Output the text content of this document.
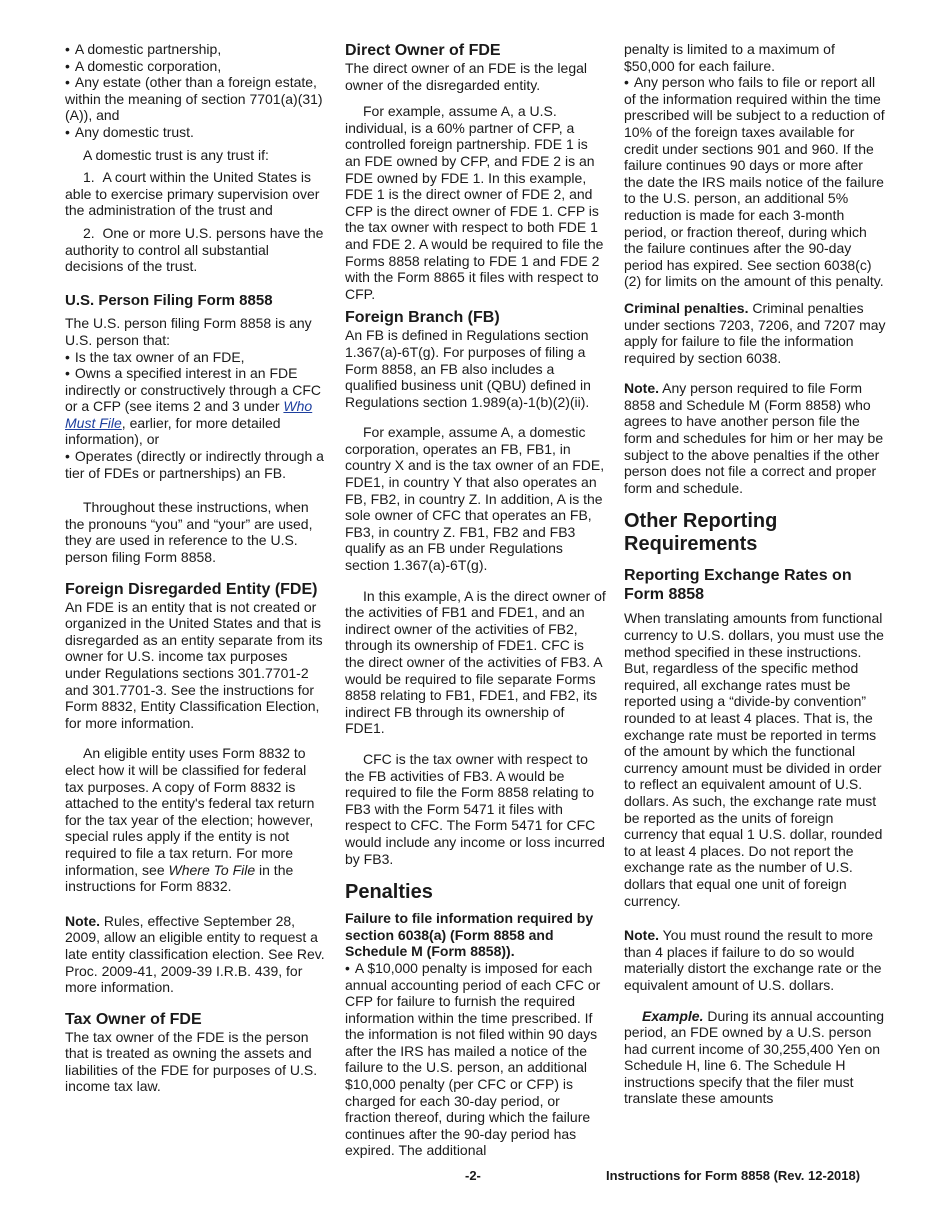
• A domestic partnership,

• A domestic corporation,

• Any estate (other than a foreign estate, within the meaning of section 7701(a)(31)(A)), and

• Any domestic trust.

A domestic trust is any trust if:

1.  A court within the United States is able to exercise primary supervision over the administration of the trust and

2.  One or more U.S. persons have the authority to control all substantial decisions of the trust.

U.S. Person Filing Form 8858

The U.S. person filing Form 8858 is any U.S. person that:

• Is the tax owner of an FDE,

• Owns a specified interest in an FDE indirectly or constructively through a CFC or a CFP (see items 2 and 3 under Who Must File, earlier, for more detailed information), or

• Operates (directly or indirectly through a tier of FDEs or partnerships) an FB.

Throughout these instructions, when the pronouns “you” and “your” are used, they are used in reference to the U.S. person filing Form 8858.

Foreign Disregarded Entity (FDE)

An FDE is an entity that is not created or organized in the United States and that is disregarded as an entity separate from its owner for U.S. income tax purposes under Regulations sections 301.7701-2 and 301.7701-3. See the instructions for Form 8832, Entity Classification Election, for more information.

An eligible entity uses Form 8832 to elect how it will be classified for federal tax purposes. A copy of Form 8832 is attached to the entity's federal tax return for the tax year of the election; however, special rules apply if the entity is not required to file a tax return. For more information, see Where To File in the instructions for Form 8832.

Note. Rules, effective September 28, 2009, allow an eligible entity to request a late entity classification election. See Rev. Proc. 2009-41, 2009-39 I.R.B. 439, for more information.

Tax Owner of FDE

The tax owner of the FDE is the person that is treated as owning the assets and liabilities of the FDE for purposes of U.S. income tax law.

Direct Owner of FDE

The direct owner of an FDE is the legal owner of the disregarded entity.

For example, assume A, a U.S. individual, is a 60% partner of CFP, a controlled foreign partnership. FDE 1 is an FDE owned by CFP, and FDE 2 is an FDE owned by FDE 1. In this example, FDE 1 is the direct owner of FDE 2, and CFP is the direct owner of FDE 1. CFP is the tax owner with respect to both FDE 1 and FDE 2. A would be required to file the Forms 8858 relating to FDE 1 and FDE 2 with the Form 8865 it files with respect to CFP.

Foreign Branch (FB)

An FB is defined in Regulations section 1.367(a)-6T(g). For purposes of filing a Form 8858, an FB also includes a qualified business unit (QBU) defined in Regulations section 1.989(a)-1(b)(2)(ii).

For example, assume A, a domestic corporation, operates an FB, FB1, in country X and is the tax owner of an FDE, FDE1, in country Y that also operates an FB, FB2, in country Z. In addition, A is the sole owner of CFC that operates an FB, FB3, in country Z. FB1, FB2 and FB3 qualify as an FB under Regulations section 1.367(a)-6T(g).

In this example, A is the direct owner of the activities of FB1 and FDE1, and an indirect owner of the activities of FB2, through its ownership of FDE1. CFC is the direct owner of the activities of FB3. A would be required to file separate Forms 8858 relating to FB1, FDE1, and FB2, its indirect FB through its ownership of FDE1.

CFC is the tax owner with respect to the FB activities of FB3. A would be required to file the Form 8858 relating to FB3 with the Form 5471 it files with respect to CFC. The Form 5471 for CFC would include any income or loss incurred by FB3.

Penalties

Failure to file information required by section 6038(a) (Form 8858 and Schedule M (Form 8858)).

• A $10,000 penalty is imposed for each annual accounting period of each CFC or CFP for failure to furnish the required information within the time prescribed. If the information is not filed within 90 days after the IRS has mailed a notice of the failure to the U.S. person, an additional $10,000 penalty (per CFC or CFP) is charged for each 30-day period, or fraction thereof, during which the failure continues after the 90-day period has expired. The additional

penalty is limited to a maximum of $50,000 for each failure.

• Any person who fails to file or report all of the information required within the time prescribed will be subject to a reduction of 10% of the foreign taxes available for credit under sections 901 and 960. If the failure continues 90 days or more after the date the IRS mails notice of the failure to the U.S. person, an additional 5% reduction is made for each 3-month period, or fraction thereof, during which the failure continues after the 90-day period has expired. See section 6038(c)(2) for limits on the amount of this penalty.

Criminal penalties. Criminal penalties under sections 7203, 7206, and 7207 may apply for failure to file the information required by section 6038.

Note. Any person required to file Form 8858 and Schedule M (Form 8858) who agrees to have another person file the form and schedules for him or her may be subject to the above penalties if the other person does not file a correct and proper form and schedule.

Other Reporting Requirements

Reporting Exchange Rates on Form 8858

When translating amounts from functional currency to U.S. dollars, you must use the method specified in these instructions. But, regardless of the specific method required, all exchange rates must be reported using a “divide-by convention” rounded to at least 4 places. That is, the exchange rate must be reported in terms of the amount by which the functional currency amount must be divided in order to reflect an equivalent amount of U.S. dollars. As such, the exchange rate must be reported as the units of foreign currency that equal 1 U.S. dollar, rounded to at least 4 places. Do not report the exchange rate as the number of U.S. dollars that equal one unit of foreign currency.

Note. You must round the result to more than 4 places if failure to do so would materially distort the exchange rate or the equivalent amount of U.S. dollars.

Example. During its annual accounting period, an FDE owned by a U.S. person had current income of 30,255,400 Yen on Schedule H, line 6. The Schedule H instructions specify that the filer must translate these amounts

-2-	Instructions for Form 8858 (Rev. 12-2018)
